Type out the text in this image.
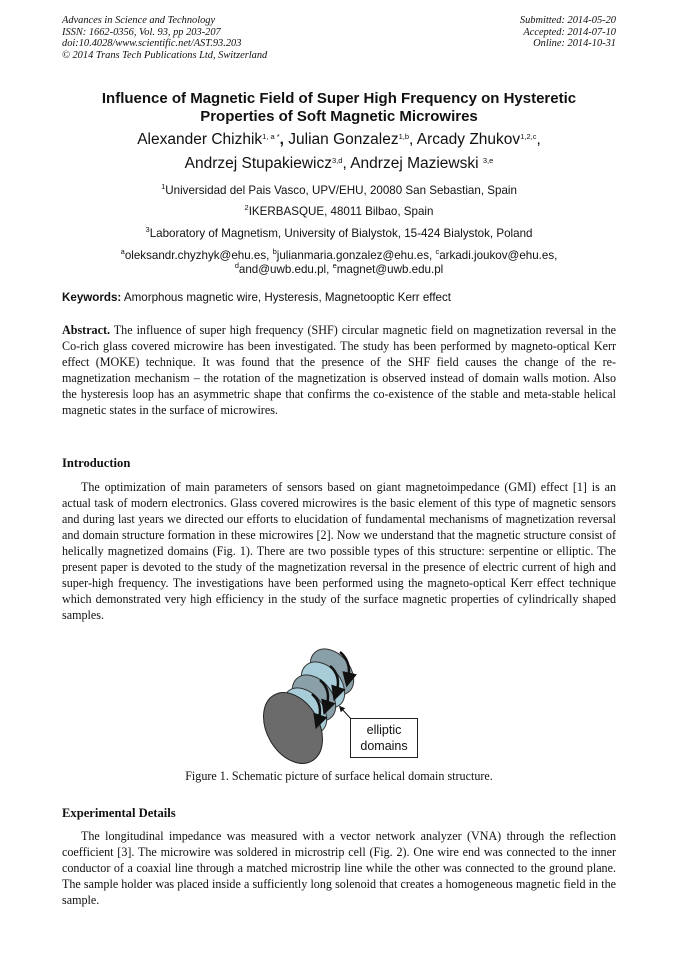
Advances in Science and Technology
ISSN: 1662-0356, Vol. 93, pp 203-207
doi:10.4028/www.scientific.net/AST.93.203
© 2014 Trans Tech Publications Ltd, Switzerland
Submitted: 2014-05-20
Accepted: 2014-07-10
Online: 2014-10-31
Influence of Magnetic Field of Super High Frequency on Hysteretic
Properties of Soft Magnetic Microwires
Alexander Chizhik$^{1, a *}$, Julian Gonzalez$^{1,b}$, Arcady Zhukov$^{1,2,c}$,
Andrzej Stupakiewicz$^{3,d}$, Andrzej Maziewski $^{3,e}$
$^1$Universidad del Pais Vasco, UPV/EHU, 20080 San Sebastian, Spain
$^2$IKERBASQUE, 48011 Bilbao, Spain
$^3$Laboratory of Magnetism, University of Bialystok, 15-424 Bialystok, Poland
$^a$oleksandr.chyzhyk@ehu.es, $^b$julianmaria.gonzalez@ehu.es, $^c$arkadi.joukov@ehu.es,
$^d$and@uwb.edu.pl, $^e$magnet@uwb.edu.pl
Keywords: Amorphous magnetic wire, Hysteresis, Magnetooptic Kerr effect
Abstract. The influence of super high frequency (SHF) circular magnetic field on magnetization reversal in the Co-rich glass covered microwire has been investigated. The study has been performed by magneto-optical Kerr effect (MOKE) technique. It was found that the presence of the SHF field causes the change of the re-magnetization mechanism – the rotation of the magnetization is observed instead of domain walls motion. Also the hysteresis loop has an asymmetric shape that confirms the co-existence of the stable and meta-stable helical magnetic states in the surface of microwires.
Introduction
The optimization of main parameters of sensors based on giant magnetoimpedance (GMI) effect [1] is an actual task of modern electronics. Glass covered microwires is the basic element of this type of magnetic sensors and during last years we directed our efforts to elucidation of fundamental mechanisms of magnetization reversal and domain structure formation in these microwires [2]. Now we understand that the magnetic structure consist of helically magnetized domains (Fig. 1). There are two possible types of this structure: serpentine or elliptic. The present paper is devoted to the study of the magnetization reversal in the presence of electric current of high and super-high frequency. The investigations have been performed using the magneto-optical Kerr effect technique which demonstrated very high efficiency in the study of the surface magnetic properties of cylindrically shaped samples.
elliptic
domains
Figure 1. Schematic picture of surface helical domain structure.
Experimental Details
The longitudinal impedance was measured with a vector network analyzer (VNA) through the reflection coefficient [3]. The microwire was soldered in microstrip cell (Fig. 2). One wire end was connected to the inner conductor of a coaxial line through a matched microstrip line while the other was connected to the ground plane. The sample holder was placed inside a sufficiently long solenoid that creates a homogeneous magnetic field in the sample.
